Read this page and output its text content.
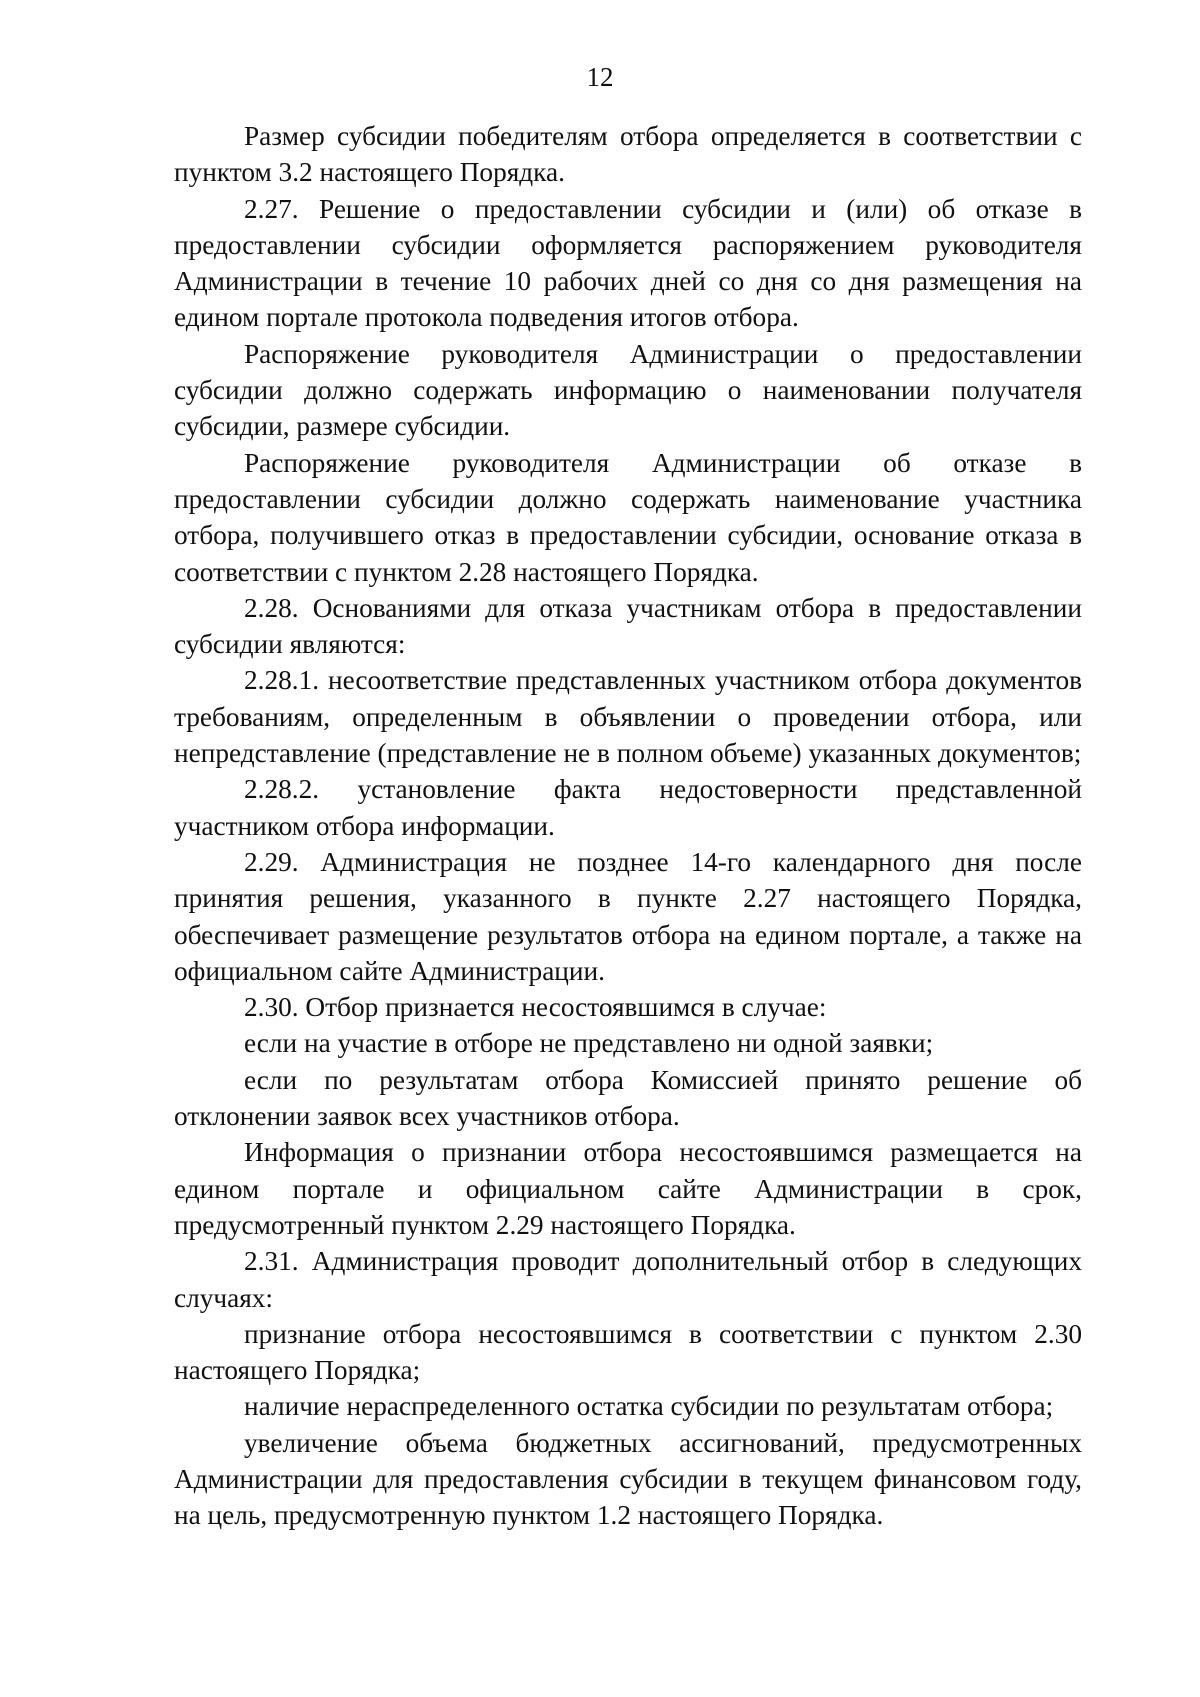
12

Размер субсидии победителям отбора определяется в соответствии с пунктом 3.2 настоящего Порядка.

2.27. Решение о предоставлении субсидии и (или) об отказе в предоставлении субсидии оформляется распоряжением руководителя Администрации в течение 10 рабочих дней со дня со дня размещения на едином портале протокола подведения итогов отбора.

Распоряжение руководителя Администрации о предоставлении субсидии должно содержать информацию о наименовании получателя субсидии, размере субсидии.

Распоряжение руководителя Администрации об отказе в предоставлении субсидии должно содержать наименование участника отбора, получившего отказ в предоставлении субсидии, основание отказа в соответствии с пунктом 2.28 настоящего Порядка.

2.28. Основаниями для отказа участникам отбора в предоставлении субсидии являются:

2.28.1. несоответствие представленных участником отбора документов требованиям, определенным в объявлении о проведении отбора, или непредставление (представление не в полном объеме) указанных документов;

2.28.2. установление факта недостоверности представленной участником отбора информации.

2.29. Администрация не позднее 14-го календарного дня после принятия решения, указанного в пункте 2.27 настоящего Порядка, обеспечивает размещение результатов отбора на едином портале, а также на официальном сайте Администрации.

2.30. Отбор признается несостоявшимся в случае:

если на участие в отборе не представлено ни одной заявки;

если по результатам отбора Комиссией принято решение об отклонении заявок всех участников отбора.

Информация о признании отбора несостоявшимся размещается на едином портале и официальном сайте Администрации в срок, предусмотренный пунктом 2.29 настоящего Порядка.

2.31. Администрация проводит дополнительный отбор в следующих случаях:

признание отбора несостоявшимся в соответствии с пунктом 2.30 настоящего Порядка;

наличие нераспределенного остатка субсидии по результатам отбора;

увеличение объема бюджетных ассигнований, предусмотренных Администрации для предоставления субсидии в текущем финансовом году, на цель, предусмотренную пунктом 1.2 настоящего Порядка.
